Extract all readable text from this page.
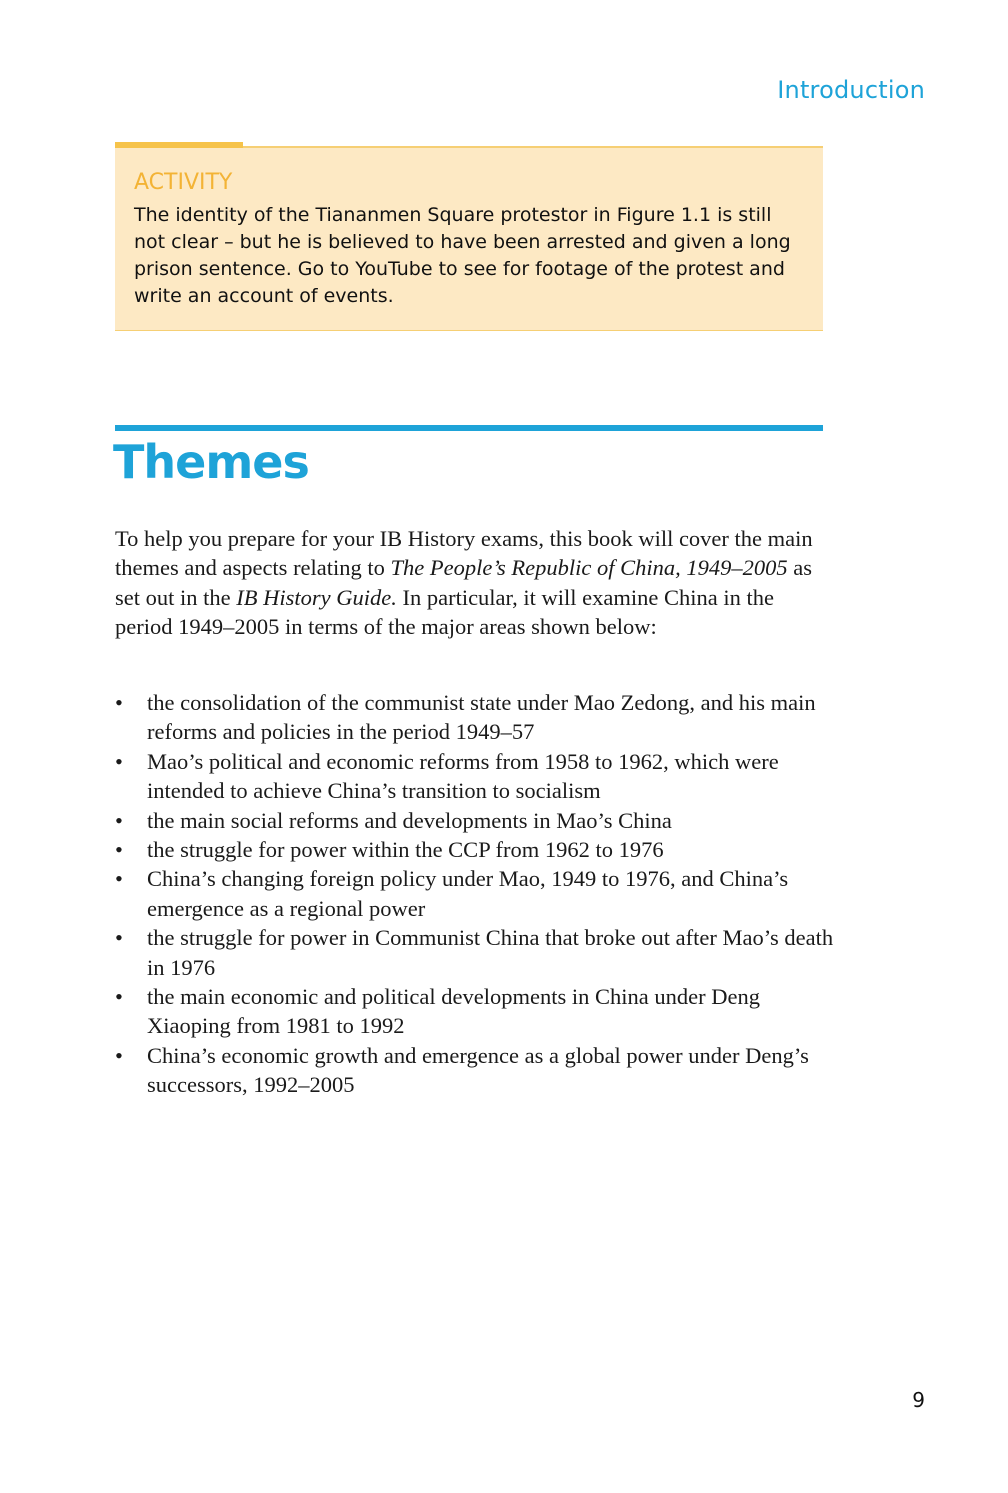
Introduction
ACTIVITY

The identity of the Tiananmen Square protestor in Figure 1.1 is still not clear – but he is believed to have been arrested and given a long prison sentence. Go to YouTube to see for footage of the protest and write an account of events.

Themes

To help you prepare for your IB History exams, this book will cover the main themes and aspects relating to The People’s Republic of China, 1949–2005 as set out in the IB History Guide. In particular, it will examine China in the period 1949–2005 in terms of the major areas shown below:

•	the consolidation of the communist state under Mao Zedong, and his main reforms and policies in the period 1949–57
•	Mao’s political and economic reforms from 1958 to 1962, which were intended to achieve China’s transition to socialism
•	the main social reforms and developments in Mao’s China
•	the struggle for power within the CCP from 1962 to 1976
•	China’s changing foreign policy under Mao, 1949 to 1976, and China’s emergence as a regional power
•	the struggle for power in Communist China that broke out after Mao’s death in 1976
•	the main economic and political developments in China under Deng Xiaoping from 1981 to 1992
•	China’s economic growth and emergence as a global power under Deng’s successors, 1992–2005
9
